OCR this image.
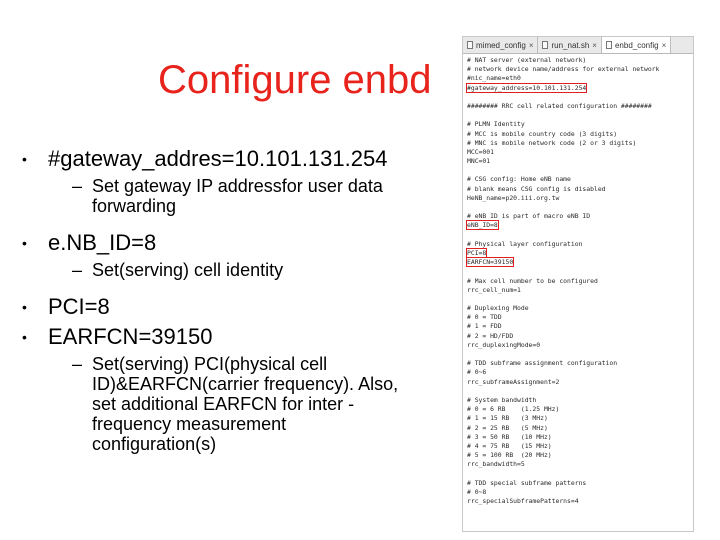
Configure enbd
• #gateway_addres=10.101.131.254
– Set gateway IP addressfor user data forwarding
• e.NB_ID=8
– Set(serving) cell identity
• PCI=8
• EARFCN=39150
– Set(serving) PCI(physical cell ID)&EARFCN(carrier frequency). Also, set additional EARFCN for inter -frequency measurement configuration(s)
mimed_config × run_nat.sh × enbd_config ×
# NAT server (external network)
# network device name/address for external network
#nic_name=eth0
#gateway_address=10.101.131.254
######## RRC cell related configuration ########
# PLMN Identity
# MCC is mobile country code (3 digits)
# MNC is mobile network code (2 or 3 digits)
MCC=001
MNC=01
# CSG config: Home eNB name
# blank means CSG config is disabled
HeNB_name=p20.iii.org.tw
# eNB ID is part of macro eNB ID
eNB_ID=8
# Physical layer configuration
PCI=8
EARFCN=39150
# Max cell number to be configured
rrc_cell_num=1
# Duplexing Mode
# 0 = TDD
# 1 = FDD
# 2 = HD/FDD
rrc_duplexingMode=0
# TDD subframe assignment configuration
# 0~6
rrc_subframeAssignment=2
# System bandwidth
# 0 = 6 RB    (1.25 MHz)
# 1 = 15 RB   (3 MHz)
# 2 = 25 RB   (5 MHz)
# 3 = 50 RB   (10 MHz)
# 4 = 75 RB   (15 MHz)
# 5 = 100 RB  (20 MHz)
rrc_bandwidth=5
# TDD special subframe patterns
# 0~8
rrc_specialSubframePatterns=4
